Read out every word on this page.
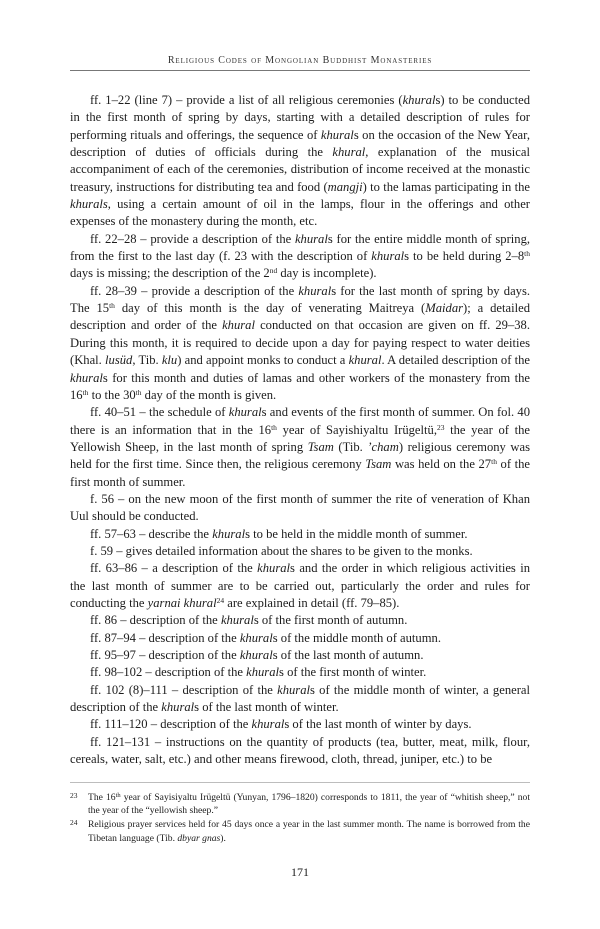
Religious Codes of Mongolian Buddhist Monasteries

ff. 1–22 (line 7) – provide a list of all religious ceremonies (khurals) to be conducted in the first month of spring by days, starting with a detailed description of rules for performing rituals and offerings, the sequence of khurals on the occasion of the New Year, description of duties of officials during the khural, explanation of the musical accompaniment of each of the ceremonies, distribution of income received at the monastic treasury, instructions for distributing tea and food (mangji) to the lamas participating in the khurals, using a certain amount of oil in the lamps, flour in the offerings and other expenses of the monastery during the month, etc.

ff. 22–28 – provide a description of the khurals for the entire middle month of spring, from the first to the last day (f. 23 with the description of khurals to be held during 2–8th days is missing; the description of the 2nd day is incomplete).

ff. 28–39 – provide a description of the khurals for the last month of spring by days. The 15th day of this month is the day of venerating Maitreya (Maidar); a detailed description and order of the khural conducted on that occasion are given on ff. 29–38. During this month, it is required to decide upon a day for paying respect to water deities (Khal. lusüd, Tib. klu) and appoint monks to conduct a khural. A detailed description of the khurals for this month and duties of lamas and other workers of the monastery from the 16th to the 30th day of the month is given.

ff. 40–51 – the schedule of khurals and events of the first month of summer. On fol. 40 there is an information that in the 16th year of Sayishiyaltu Irügeltü,$^{23}$ the year of the Yellowish Sheep, in the last month of spring Tsam (Tib. ’cham) religious ceremony was held for the first time. Since then, the religious ceremony Tsam was held on the 27th of the first month of summer.

f. 56 – on the new moon of the first month of summer the rite of veneration of Khan Uul should be conducted.

ff. 57–63 – describe the khurals to be held in the middle month of summer.

f. 59 – gives detailed information about the shares to be given to the monks.

ff. 63–86 – a description of the khurals and the order in which religious activities in the last month of summer are to be carried out, particularly the order and rules for conducting the yarnai khural$^{24}$ are explained in detail (ff. 79–85).

ff. 86 – description of the khurals of the first month of autumn.

ff. 87–94 – description of the khurals of the middle month of autumn.

ff. 95–97 – description of the khurals of the last month of autumn.

ff. 98–102 – description of the khurals of the first month of winter.

ff. 102 (8)–111 – description of the khurals of the middle month of winter, a general description of the khurals of the last month of winter.

ff. 111–120 – description of the khurals of the last month of winter by days.

ff. 121–131 – instructions on the quantity of products (tea, butter, meat, milk, flour, cereals, water, salt, etc.) and other means firewood, cloth, thread, juniper, etc.) to be

23 The 16th year of Sayisiyaltu Irügeltü (Yunyan, 1796–1820) corresponds to 1811, the year of “whitish sheep,” not the year of the “yellowish sheep.”
24 Religious prayer services held for 45 days once a year in the last summer month. The name is borrowed from the Tibetan language (Tib. dbyar gnas).
171
